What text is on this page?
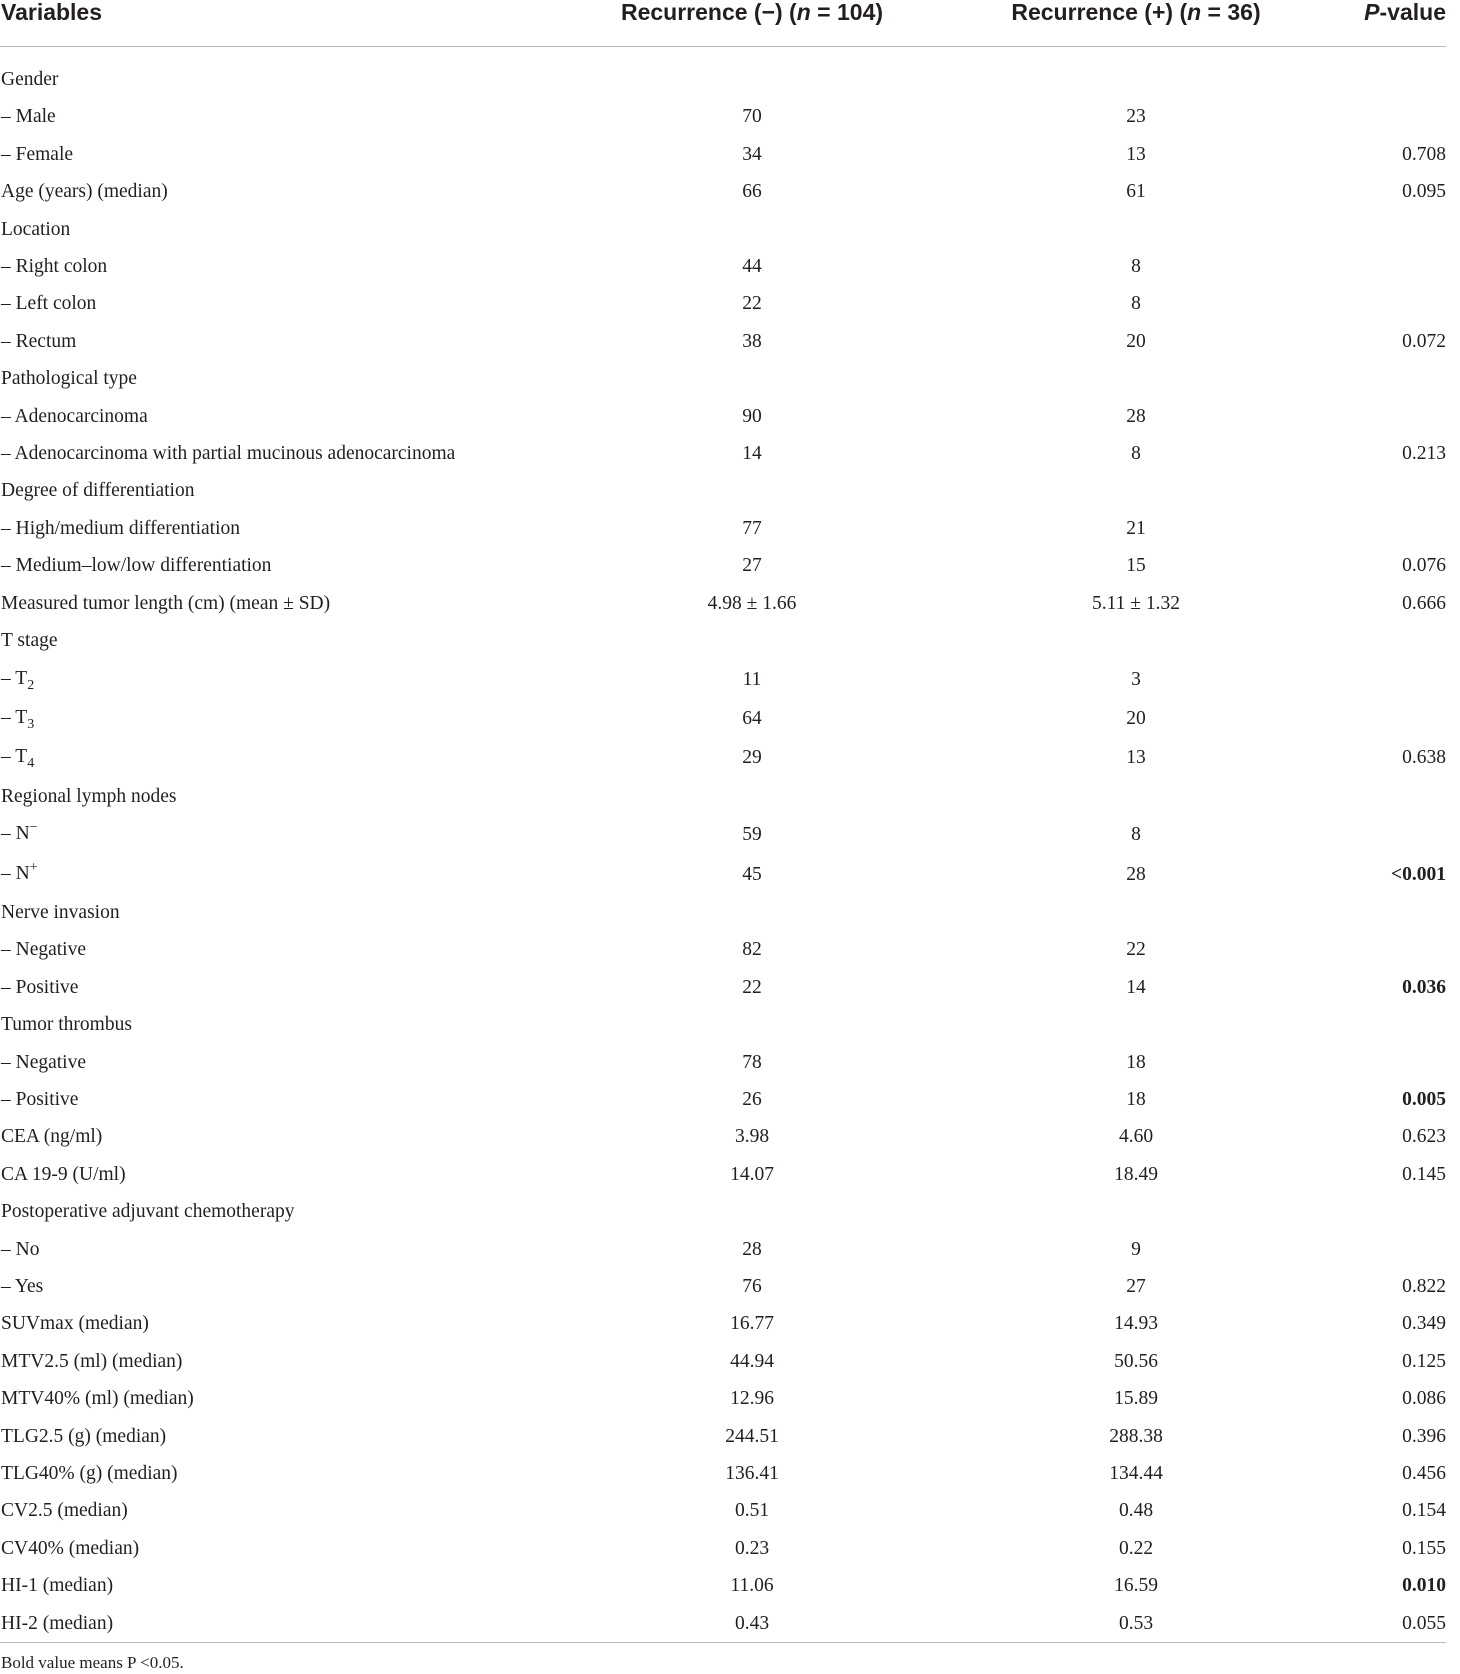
Variables	Recurrence (−) (n = 104)	Recurrence (+) (n = 36)	P-value
Gender			
– Male	70	23	
– Female	34	13	0.708
Age (years) (median)	66	61	0.095
Location			
– Right colon	44	8	
– Left colon	22	8	
– Rectum	38	20	0.072
Pathological type			
– Adenocarcinoma	90	28	
– Adenocarcinoma with partial mucinous adenocarcinoma	14	8	0.213
Degree of differentiation			
– High/medium differentiation	77	21	
– Medium–low/low differentiation	27	15	0.076
Measured tumor length (cm) (mean ± SD)	4.98 ± 1.66	5.11 ± 1.32	0.666
T stage			
– $T_2$	11	3	
– $T_3$	64	20	
– $T_4$	29	13	0.638
Regional lymph nodes			
– N−	59	8	
– N+	45	28	<0.001
Nerve invasion			
– Negative	82	22	
– Positive	22	14	0.036
Tumor thrombus			
– Negative	78	18	
– Positive	26	18	0.005
CEA (ng/ml)	3.98	4.60	0.623
CA 19-9 (U/ml)	14.07	18.49	0.145
Postoperative adjuvant chemotherapy			
– No	28	9	
– Yes	76	27	0.822
SUVmax (median)	16.77	14.93	0.349
MTV2.5 (ml) (median)	44.94	50.56	0.125
MTV40% (ml) (median)	12.96	15.89	0.086
TLG2.5 (g) (median)	244.51	288.38	0.396
TLG40% (g) (median)	136.41	134.44	0.456
CV2.5 (median)	0.51	0.48	0.154
CV40% (median)	0.23	0.22	0.155
HI-1 (median)	11.06	16.59	0.010
HI-2 (median)	0.43	0.53	0.055
Bold value means P <0.05.
